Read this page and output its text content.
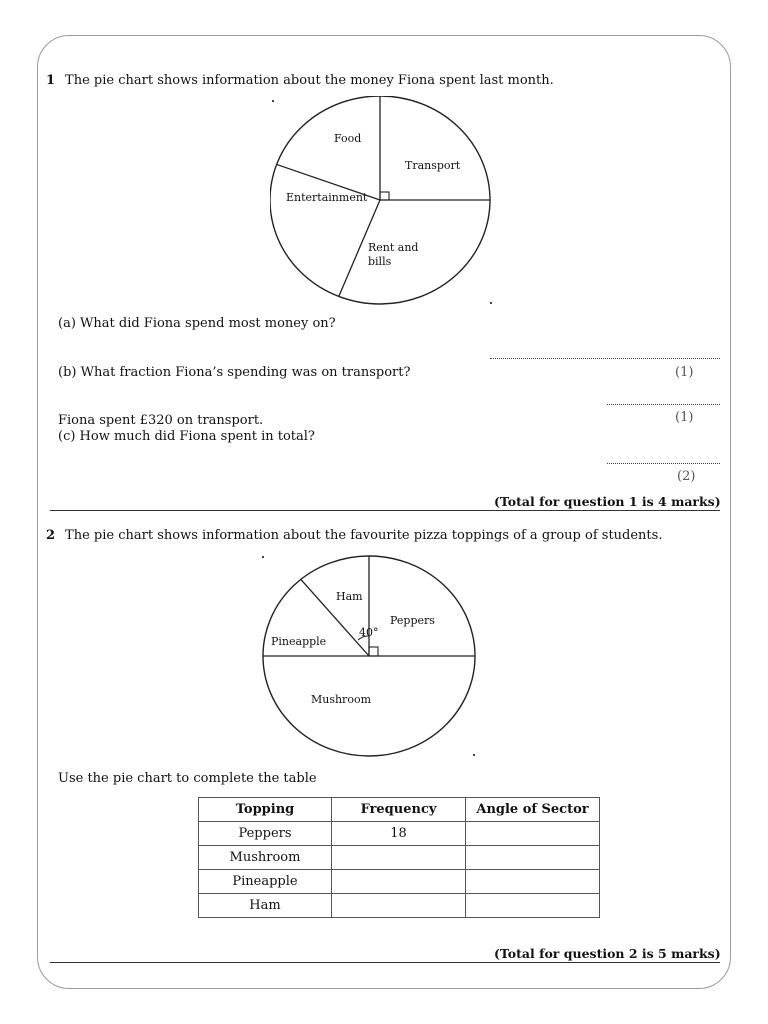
1 The pie chart shows information about the money Fiona spent last month.
Transport
Rent and bills
Entertainment
Food
(a) What did Fiona spend most money on?
(b) What fraction Fiona’s spending was on transport?	(1)
Fiona spent £320 on transport.	(1)
(c) How much did Fiona spent in total?
(2)
(Total for question 1 is 4 marks)
2 The pie chart shows information about the favourite pizza toppings of a group of students.
Peppers
Mushroom
Pineapple
Ham
40°
Use the pie chart to complete the table
Topping	Frequency	Angle of Sector
Peppers	18	
Mushroom		
Pineapple		
Ham		
(Total for question 2 is 5 marks)
